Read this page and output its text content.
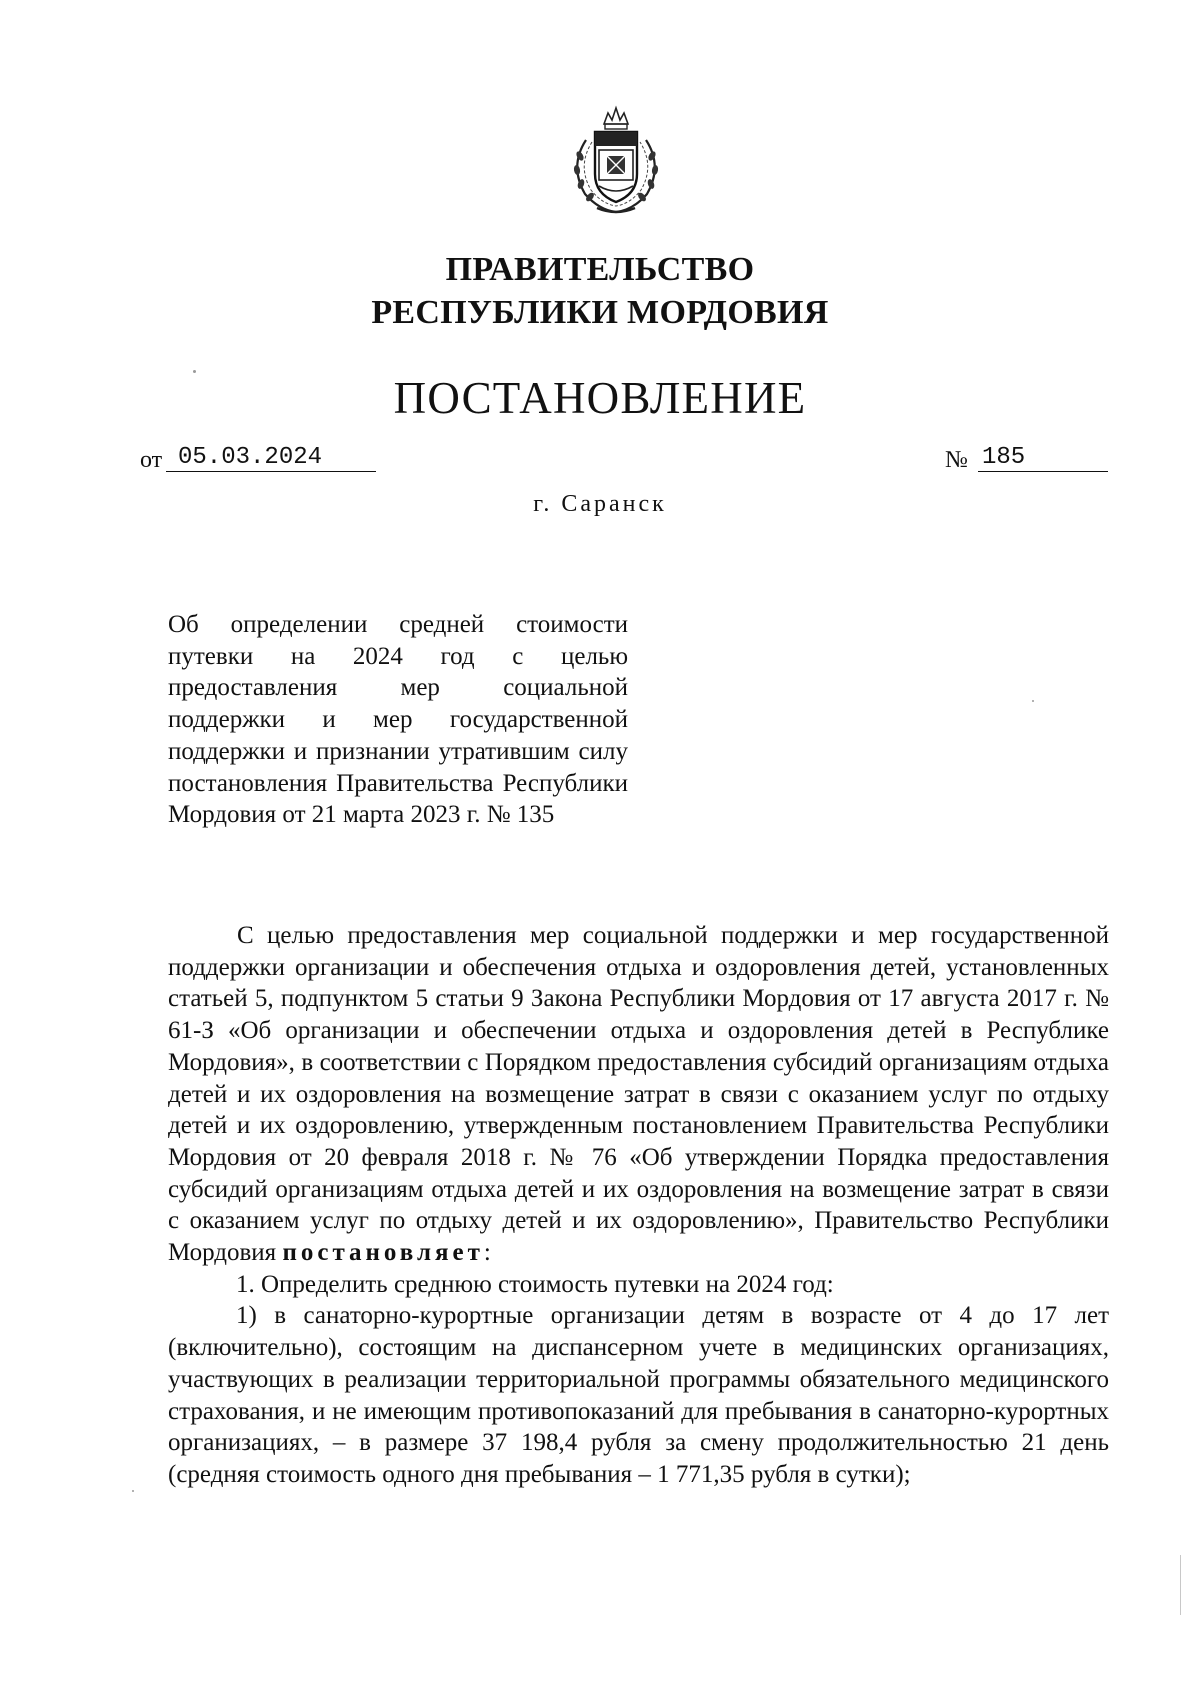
ПРАВИТЕЛЬСТВО
РЕСПУБЛИКИ МОРДОВИЯ
ПОСТАНОВЛЕНИЕ
от 05.03.2024	№ 185
г. Саранск
Об определении средней стоимости путевки на 2024 год с целью предоставления мер социальной поддержки и мер государственной поддержки и признании утратившим силу постановления Правительства Республики Мордовия от 21 марта 2023 г. № 135

С целью предоставления мер социальной поддержки и мер государственной поддержки организации и обеспечения отдыха и оздоровления детей, установленных статьей 5, подпунктом 5 статьи 9 Закона Республики Мордовия от 17 августа 2017 г. № 61-З «Об организации и обеспечении отдыха и оздоровления детей в Республике Мордовия», в соответствии с Порядком предоставления субсидий организациям отдыха детей и их оздоровления на возмещение затрат в связи с оказанием услуг по отдыху детей и их оздоровлению, утвержденным постановлением Правительства Республики Мордовия от 20 февраля 2018 г. № 76 «Об утверждении Порядка предоставления субсидий организациям отдыха детей и их оздоровления на возмещение затрат в связи с оказанием услуг по отдыху детей и их оздоровлению», Правительство Республики Мордовия постановляет:

1. Определить среднюю стоимость путевки на 2024 год:

1) в санаторно-курортные организации детям в возрасте от 4 до 17 лет (включительно), состоящим на диспансерном учете в медицинских организациях, участвующих в реализации территориальной программы обязательного медицинского страхования, и не имеющим противопоказаний для пребывания в санаторно-курортных организациях, – в размере 37 198,4 рубля за смену продолжительностью 21 день (средняя стоимость одного дня пребывания – 1 771,35 рубля в сутки);
